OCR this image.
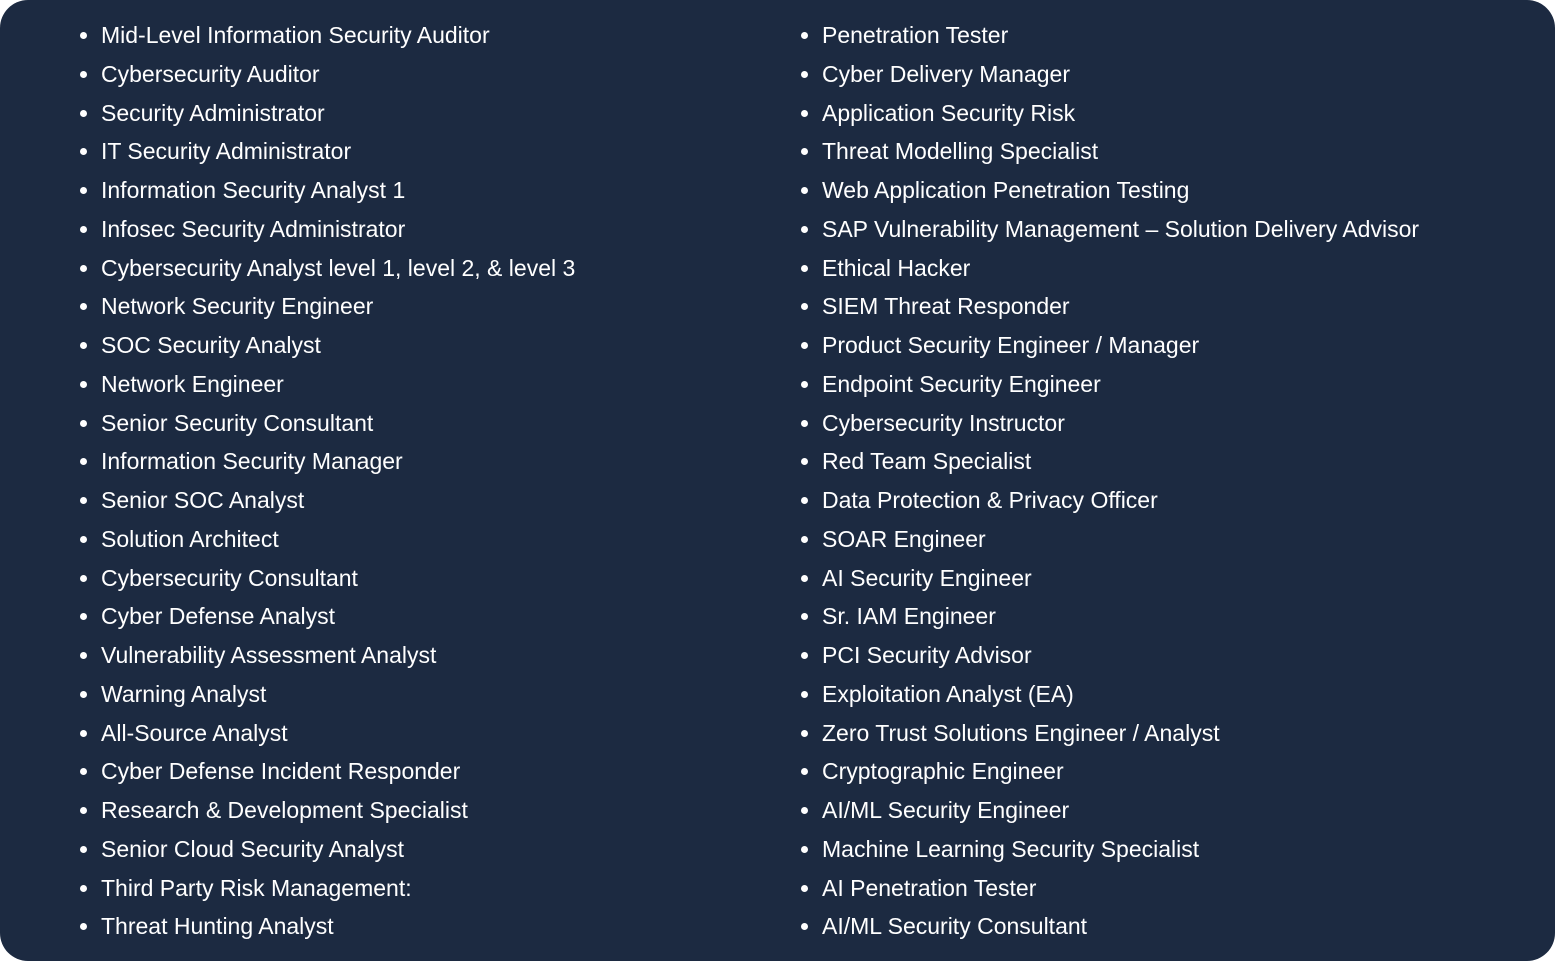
Mid-Level Information Security Auditor
Cybersecurity Auditor
Security Administrator
IT Security Administrator
Information Security Analyst 1
Infosec Security Administrator
Cybersecurity Analyst level 1, level 2, & level 3
Network Security Engineer
SOC Security Analyst
Network Engineer
Senior Security Consultant
Information Security Manager
Senior SOC Analyst
Solution Architect
Cybersecurity Consultant
Cyber Defense Analyst
Vulnerability Assessment Analyst
Warning Analyst
All-Source Analyst
Cyber Defense Incident Responder
Research & Development Specialist
Senior Cloud Security Analyst
Third Party Risk Management:
Threat Hunting Analyst
Penetration Tester
Cyber Delivery Manager
Application Security Risk
Threat Modelling Specialist
Web Application Penetration Testing
SAP Vulnerability Management – Solution Delivery Advisor
Ethical Hacker
SIEM Threat Responder
Product Security Engineer / Manager
Endpoint Security Engineer
Cybersecurity Instructor
Red Team Specialist
Data Protection & Privacy Officer
SOAR Engineer
AI Security Engineer
Sr. IAM Engineer
PCI Security Advisor
Exploitation Analyst (EA)
Zero Trust Solutions Engineer / Analyst
Cryptographic Engineer
AI/ML Security Engineer
Machine Learning Security Specialist
AI Penetration Tester
AI/ML Security Consultant
